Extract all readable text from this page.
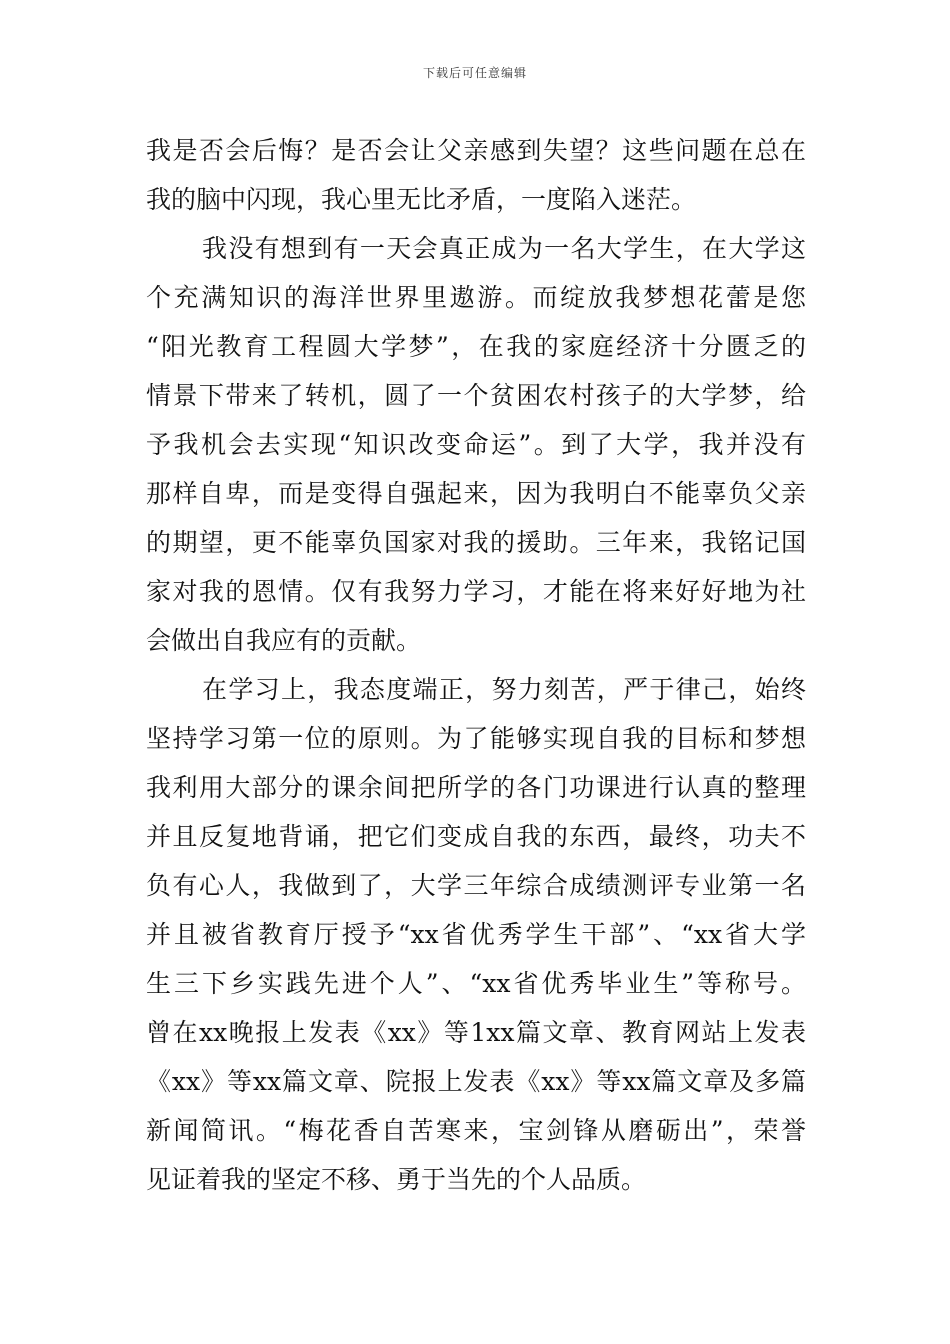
下载后可任意编辑
我是否会后悔？是否会让父亲感到失望？这些问题在总在
我的脑中闪现，我心里无比矛盾，一度陷入迷茫。
我没有想到有一天会真正成为一名大学生，在大学这
个充满知识的海洋世界里遨游。而绽放我梦想花蕾是您
“阳光教育工程圆大学梦”，在我的家庭经济十分匮乏的
情景下带来了转机，圆了一个贫困农村孩子的大学梦，给
予我机会去实现“知识改变命运”。到了大学，我并没有
那样自卑，而是变得自强起来，因为我明白不能辜负父亲
的期望，更不能辜负国家对我的援助。三年来，我铭记国
家对我的恩情。仅有我努力学习，才能在将来好好地为社
会做出自我应有的贡献。
在学习上，我态度端正，努力刻苦，严于律己，始终
坚持学习第一位的原则。为了能够实现自我的目标和梦想
我利用大部分的课余间把所学的各门功课进行认真的整理
并且反复地背诵，把它们变成自我的东西，最终，功夫不
负有心人，我做到了，大学三年综合成绩测评专业第一名
并且被省教育厅授予“xx省优秀学生干部”、“xx省大学
生三下乡实践先进个人”、“xx省优秀毕业生”等称号。
曾在xx晚报上发表《xx》等1xx篇文章、教育网站上发表
《xx》等xx篇文章、院报上发表《xx》等xx篇文章及多篇
新闻简讯。“梅花香自苦寒来，宝剑锋从磨砺出”，荣誉
见证着我的坚定不移、勇于当先的个人品质。
